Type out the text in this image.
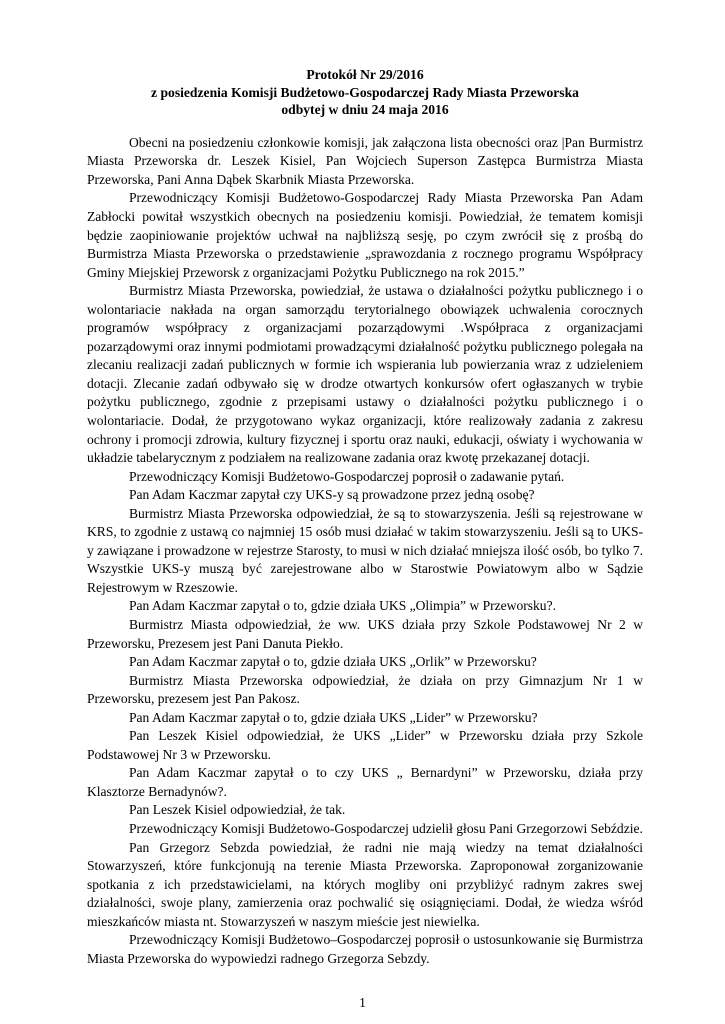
Protokół Nr 29/2016
z posiedzenia Komisji Budżetowo-Gospodarczej Rady Miasta Przeworska
odbytej w dniu 24 maja 2016

Obecni na posiedzeniu członkowie komisji, jak załączona lista obecności oraz |Pan Burmistrz Miasta Przeworska dr. Leszek Kisiel, Pan Wojciech Superson Zastępca Burmistrza Miasta Przeworska, Pani Anna Dąbek Skarbnik Miasta Przeworska.

Przewodniczący Komisji Budżetowo-Gospodarczej Rady Miasta Przeworska Pan Adam Zabłocki powitał wszystkich obecnych na posiedzeniu komisji. Powiedział, że tematem komisji będzie zaopiniowanie projektów uchwał na najbliższą sesję, po czym zwrócił się z prośbą do Burmistrza Miasta Przeworska o przedstawienie „sprawozdania z rocznego programu Współpracy Gminy Miejskiej Przeworsk z organizacjami Pożytku Publicznego na rok 2015.”

Burmistrz Miasta Przeworska, powiedział, że ustawa o działalności pożytku publicznego i o wolontariacie nakłada na organ samorządu terytorialnego obowiązek uchwalenia corocznych programów współpracy z organizacjami pozarządowymi .Współpraca z organizacjami pozarządowymi oraz innymi podmiotami prowadzącymi działalność pożytku publicznego polegała na zlecaniu realizacji zadań publicznych w formie ich wspierania lub powierzania wraz z udzieleniem dotacji. Zlecanie zadań odbywało się w drodze otwartych konkursów ofert ogłaszanych w trybie pożytku publicznego, zgodnie z przepisami ustawy o działalności pożytku publicznego i o wolontariacie. Dodał, że przygotowano wykaz organizacji, które realizowały zadania z zakresu ochrony i promocji zdrowia, kultury fizycznej i sportu oraz nauki, edukacji, oświaty i wychowania w układzie tabelarycznym z podziałem na realizowane zadania oraz kwotę przekazanej dotacji.

Przewodniczący Komisji Budżetowo-Gospodarczej poprosił o zadawanie pytań.

Pan Adam Kaczmar zapytał czy UKS-y są prowadzone przez jedną osobę?

Burmistrz Miasta Przeworska odpowiedział, że są to stowarzyszenia. Jeśli są rejestrowane w KRS, to zgodnie z ustawą co najmniej 15 osób musi działać w takim stowarzyszeniu. Jeśli są to UKS-y zawiązane i prowadzone w rejestrze Starosty, to musi w nich działać mniejsza ilość osób, bo tylko 7. Wszystkie UKS-y muszą być zarejestrowane albo w Starostwie Powiatowym albo w Sądzie Rejestrowym w Rzeszowie.

Pan Adam Kaczmar zapytał o to, gdzie działa UKS „Olimpia” w Przeworsku?.

Burmistrz Miasta odpowiedział, że ww. UKS działa przy Szkole Podstawowej Nr 2 w Przeworsku, Prezesem jest Pani Danuta Piekło.

Pan Adam Kaczmar zapytał o to, gdzie działa UKS „Orlik” w Przeworsku?

Burmistrz Miasta Przeworska odpowiedział, że działa on przy Gimnazjum Nr 1 w Przeworsku, prezesem jest Pan Pakosz.

Pan Adam Kaczmar zapytał o to, gdzie działa UKS „Lider” w Przeworsku?

Pan Leszek Kisiel odpowiedział, że UKS „Lider” w Przeworsku działa przy Szkole Podstawowej Nr 3 w Przeworsku.

Pan Adam Kaczmar zapytał o to czy UKS „ Bernardyni” w Przeworsku, działa przy Klasztorze Bernadynów?.

Pan Leszek Kisiel odpowiedział, że tak.

Przewodniczący Komisji Budżetowo-Gospodarczej udzielił głosu Pani Grzegorzowi Sebździe.

Pan Grzegorz Sebzda powiedział, że radni nie mają wiedzy na temat działalności Stowarzyszeń, które funkcjonują na terenie Miasta Przeworska. Zaproponował zorganizowanie spotkania z ich przedstawicielami, na których mogliby oni przybliżyć radnym zakres swej działalności, swoje plany, zamierzenia oraz pochwalić się osiągnięciami. Dodał, że wiedza wśród mieszkańców miasta nt. Stowarzyszeń w naszym mieście jest niewielka.

Przewodniczący Komisji Budżetowo–Gospodarczej poprosił o ustosunkowanie się Burmistrza Miasta Przeworska do wypowiedzi radnego Grzegorza Sebzdy.

1
